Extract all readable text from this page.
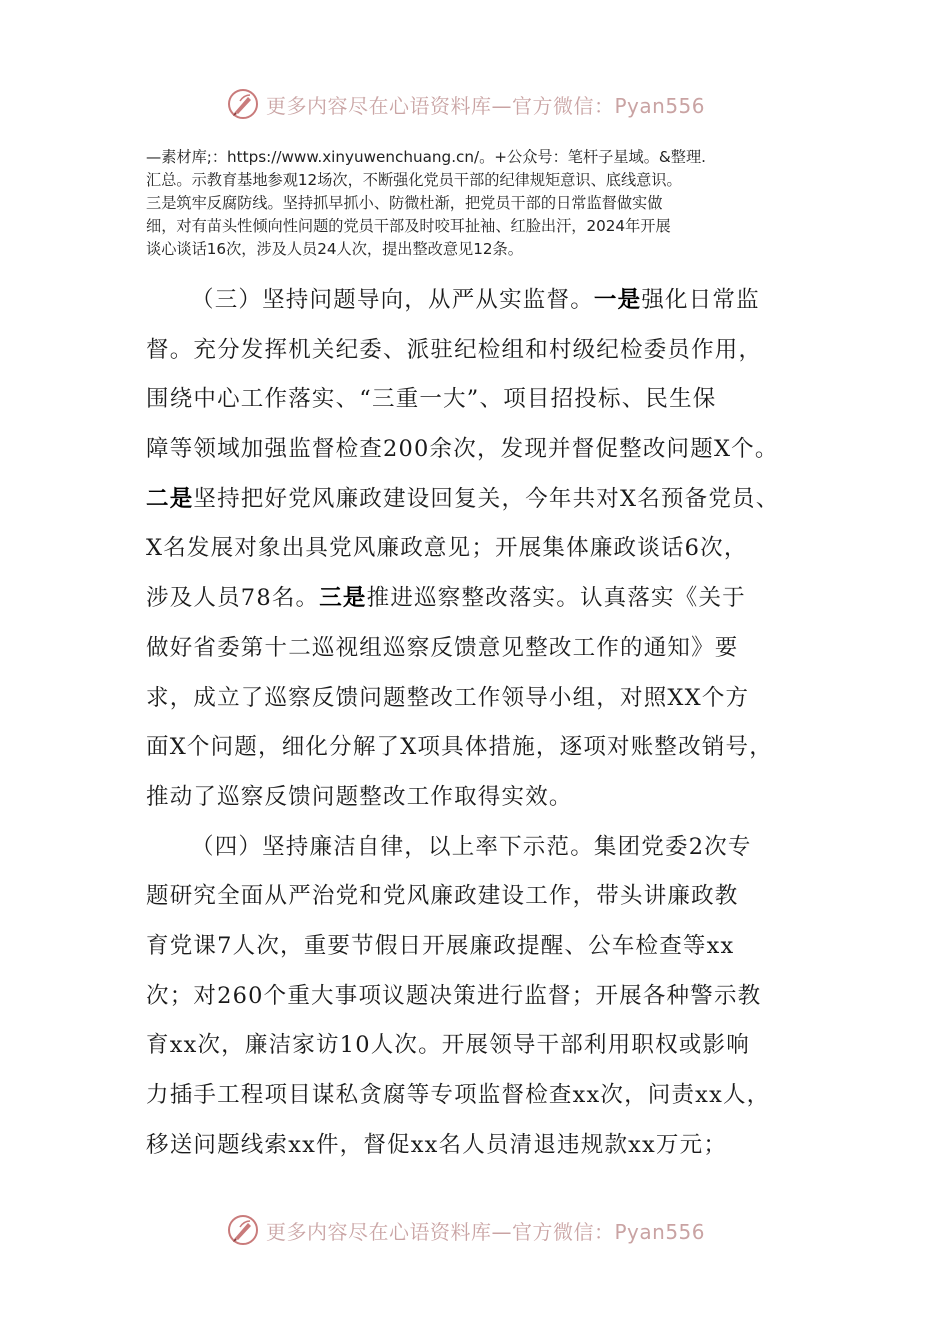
更多内容尽在心语资料库—官方微信：Pyan556
—素材库;：https://www.xinyuwenchuang.cn/。+公众号：笔杆子星域。&整理.
汇总。示教育基地参观12场次，不断强化党员干部的纪律规矩意识、底线意识。
三是筑牢反腐防线。坚持抓早抓小、防微杜渐，把党员干部的日常监督做实做
细，对有苗头性倾向性问题的党员干部及时咬耳扯袖、红脸出汗，2024年开展
谈心谈话16次，涉及人员24人次，提出整改意见12条。
（三）坚持问题导向，从严从实监督。一是强化日常监
督。充分发挥机关纪委、派驻纪检组和村级纪检委员作用，
围绕中心工作落实、“三重一大”、项目招投标、民生保
障等领域加强监督检查200余次，发现并督促整改问题X个。
二是坚持把好党风廉政建设回复关，今年共对X名预备党员、
X名发展对象出具党风廉政意见；开展集体廉政谈话6次，
涉及人员78名。三是推进巡察整改落实。认真落实《关于
做好省委第十二巡视组巡察反馈意见整改工作的通知》要
求，成立了巡察反馈问题整改工作领导小组，对照XX个方
面X个问题，细化分解了X项具体措施，逐项对账整改销号，
推动了巡察反馈问题整改工作取得实效。
（四）坚持廉洁自律，以上率下示范。集团党委2次专
题研究全面从严治党和党风廉政建设工作，带头讲廉政教
育党课7人次，重要节假日开展廉政提醒、公车检查等xx
次；对260个重大事项议题决策进行监督；开展各种警示教
育xx次，廉洁家访10人次。开展领导干部利用职权或影响
力插手工程项目谋私贪腐等专项监督检查xx次，问责xx人，
移送问题线索xx件，督促xx名人员清退违规款xx万元；
更多内容尽在心语资料库—官方微信：Pyan556
